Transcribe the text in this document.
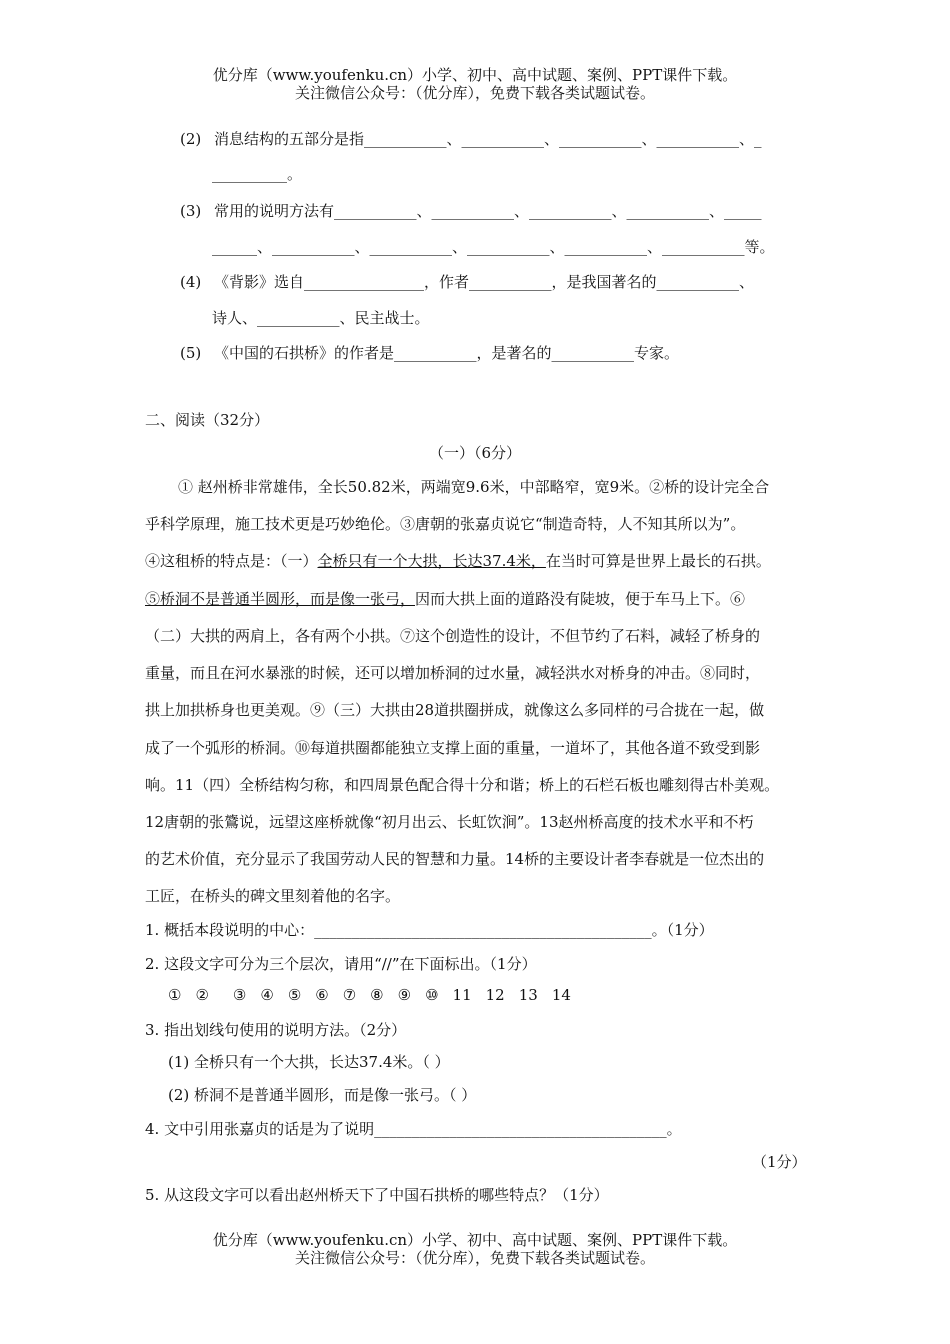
优分库（www.youfenku.cn）小学、初中、高中试题、案例、PPT课件下载。
关注微信公众号：（优分库），免费下载各类试题试卷。
(2) 消息结构的五部分是指___________、___________、___________、___________、_
__________。
(3) 常用的说明方法有___________、___________、___________、___________、_____
______、___________、___________、___________、___________、___________等。
(4) 《背影》选自________________，作者___________，是我国著名的___________、
诗人、___________、民主战士。
(5) 《中国的石拱桥》的作者是___________，是著名的___________专家。
二、阅读（32分）
（一）（6分）
① 赵州桥非常雄伟，全长50.82米，两端宽9.6米，中部略窄，宽9米。②桥的设计完全合
乎科学原理，施工技术更是巧妙绝伦。③唐朝的张嘉贞说它“制造奇特，人不知其所以为”。
④这租桥的特点是：（一）全桥只有一个大拱，长达37.4米，在当时可算是世界上最长的石拱。
⑤桥洞不是普通半圆形，而是像一张弓，因而大拱上面的道路没有陡坡，便于车马上下。⑥
（二）大拱的两肩上，各有两个小拱。⑦这个创造性的设计，不但节约了石料，减轻了桥身的
重量，而且在河水暴涨的时候，还可以增加桥洞的过水量，减轻洪水对桥身的冲击。⑧同时，
拱上加拱桥身也更美观。⑨（三）大拱由28道拱圈拼成，就像这么多同样的弓合拢在一起，做
成了一个弧形的桥洞。⑩每道拱圈都能独立支撑上面的重量，一道坏了，其他各道不致受到影
响。11（四）全桥结构匀称，和四周景色配合得十分和谐；桥上的石栏石板也雕刻得古朴美观。
12唐朝的张鷟说，远望这座桥就像“初月出云、长虹饮涧”。13赵州桥高度的技术水平和不朽
的艺术价值，充分显示了我国劳动人民的智慧和力量。14桥的主要设计者李春就是一位杰出的
工匠，在桥头的碑文里刻着他的名字。
1. 概括本段说明的中心：_____________________________________________。（1分）
2. 这段文字可分为三个层次，请用“//”在下面标出。（1分）
① ② ③ ④ ⑤ ⑥ ⑦ ⑧ ⑨ ⑩ 11 12 13 14
3. 指出划线句使用的说明方法。（2分）
(1) 全桥只有一个大拱，长达37.4米。（ ）
(2) 桥洞不是普通半圆形，而是像一张弓。（ ）
4. 文中引用张嘉贞的话是为了说明_______________________________________。
（1分）
5. 从这段文字可以看出赵州桥天下了中国石拱桥的哪些特点？（1分）
优分库（www.youfenku.cn）小学、初中、高中试题、案例、PPT课件下载。
关注微信公众号：（优分库），免费下载各类试题试卷。
